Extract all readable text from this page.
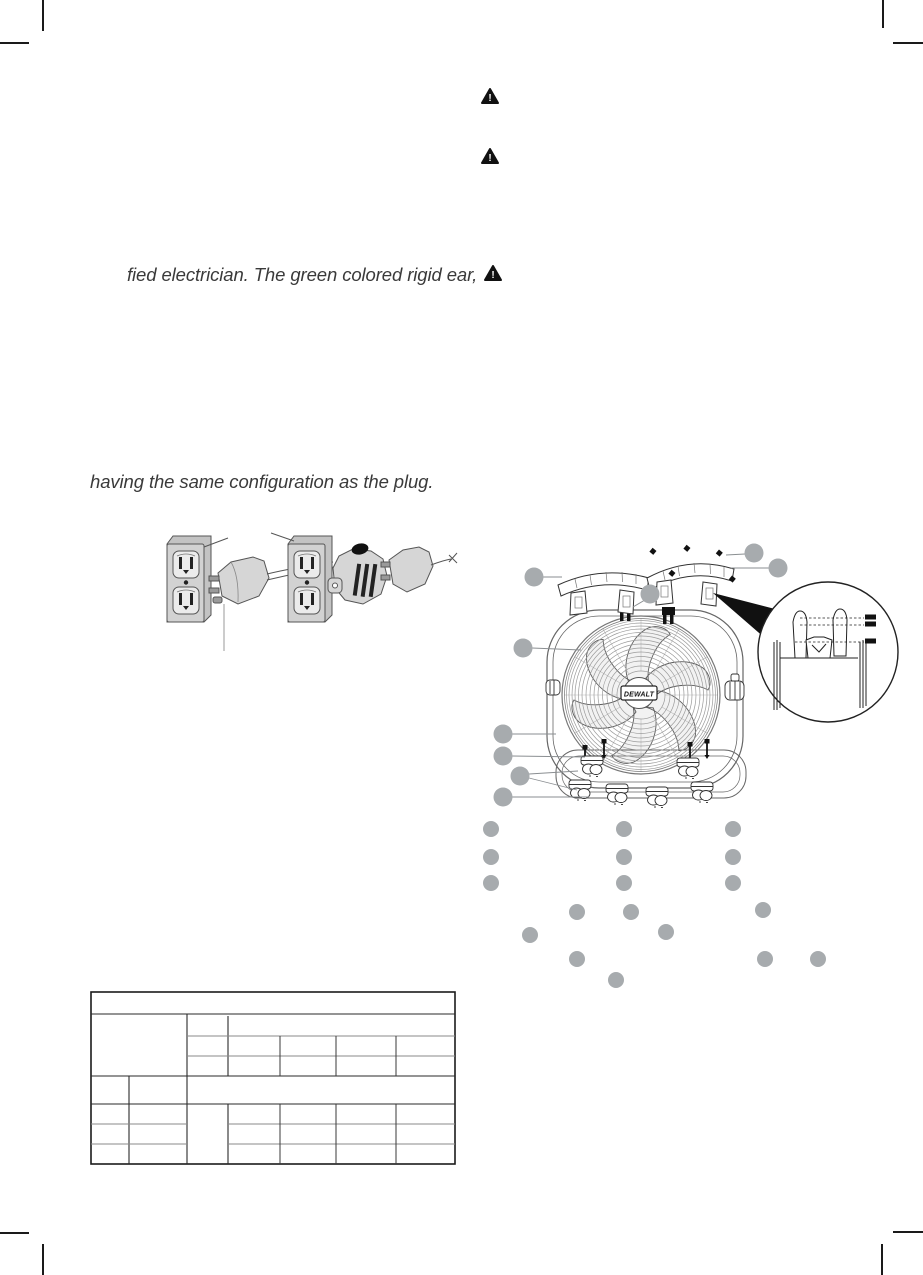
!
!
!
fied electrician. The green colored rigid ear,
having the same configuration as the plug.
DEWALT
